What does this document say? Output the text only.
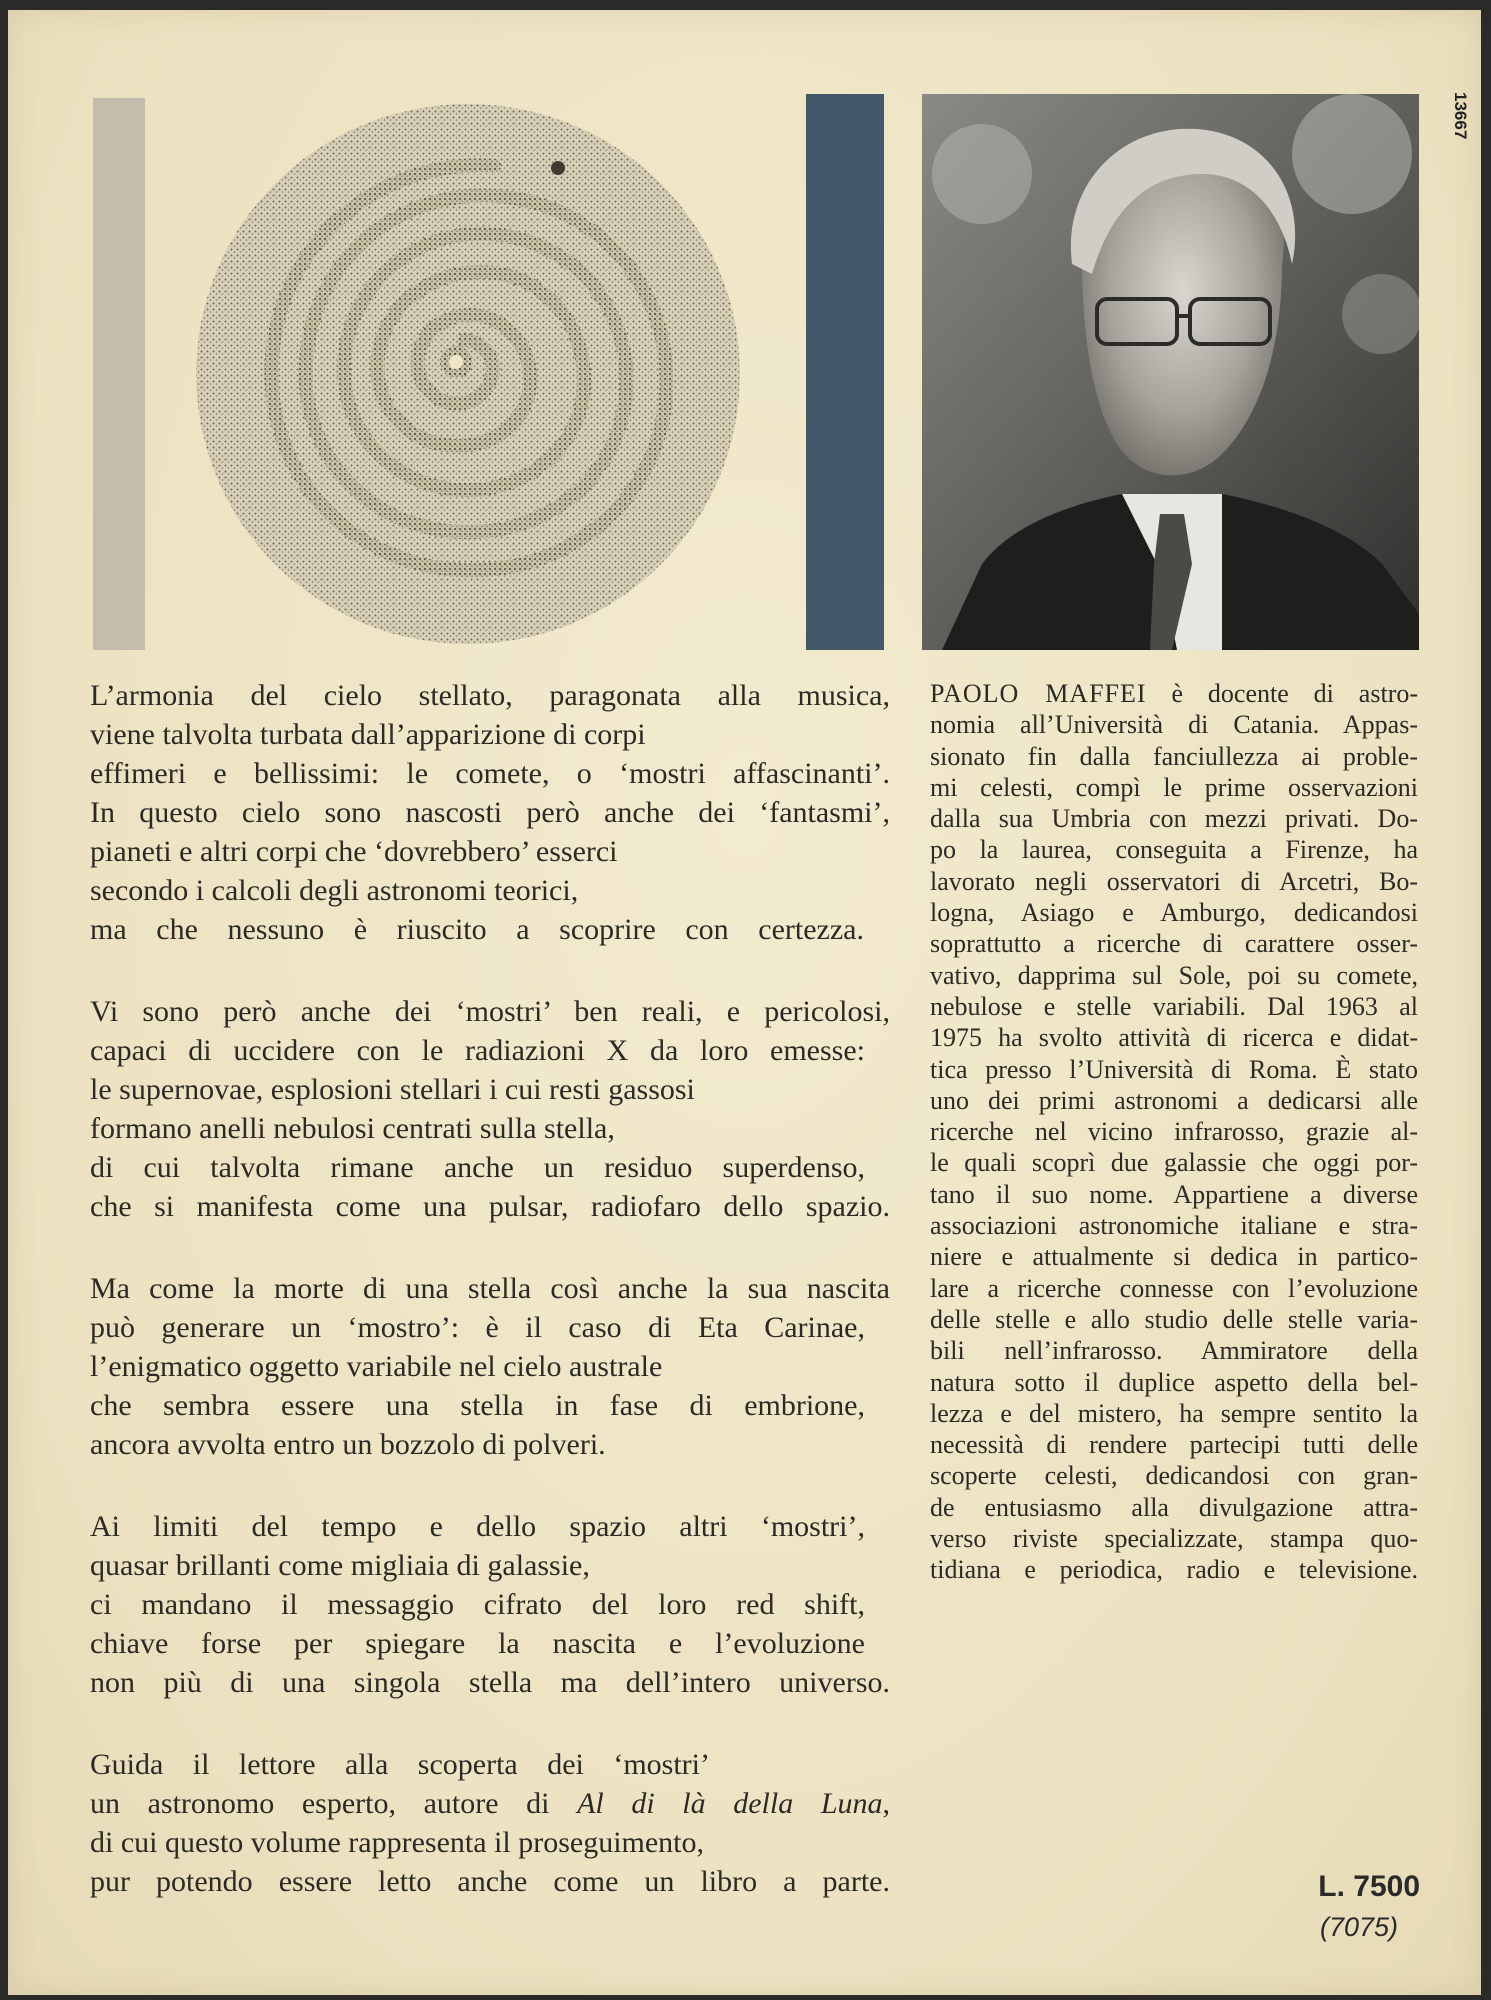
13667

L’armonia del cielo stellato, paragonata alla musica,
viene talvolta turbata dall’apparizione di corpi
effimeri e bellissimi: le comete, o ‘mostri affascinanti’.
In questo cielo sono nascosti però anche dei ‘fantasmi’,
pianeti e altri corpi che ‘dovrebbero’ esserci
secondo i calcoli degli astronomi teorici,
ma che nessuno è riuscito a scoprire con certezza.

Vi sono però anche dei ‘mostri’ ben reali, e pericolosi,
capaci di uccidere con le radiazioni X da loro emesse:
le supernovae, esplosioni stellari i cui resti gassosi
formano anelli nebulosi centrati sulla stella,
di cui talvolta rimane anche un residuo superdenso,
che si manifesta come una pulsar, radiofaro dello spazio.

Ma come la morte di una stella così anche la sua nascita
può generare un ‘mostro’: è il caso di Eta Carinae,
l’enigmatico oggetto variabile nel cielo australe
che sembra essere una stella in fase di embrione,
ancora avvolta entro un bozzolo di polveri.

Ai limiti del tempo e dello spazio altri ‘mostri’,
quasar brillanti come migliaia di galassie,
ci mandano il messaggio cifrato del loro red shift,
chiave forse per spiegare la nascita e l’evoluzione
non più di una singola stella ma dell’intero universo.

Guida il lettore alla scoperta dei ‘mostri’
un astronomo esperto, autore di Al di là della Luna,
di cui questo volume rappresenta il proseguimento,
pur potendo essere letto anche come un libro a parte.

PAOLO MAFFEI è docente di astro-
nomia all’Università di Catania. Appas-
sionato fin dalla fanciullezza ai proble-
mi celesti, compì le prime osservazioni
dalla sua Umbria con mezzi privati. Do-
po la laurea, conseguita a Firenze, ha
lavorato negli osservatori di Arcetri, Bo-
logna, Asiago e Amburgo, dedicandosi
soprattutto a ricerche di carattere osser-
vativo, dapprima sul Sole, poi su comete,
nebulose e stelle variabili. Dal 1963 al
1975 ha svolto attività di ricerca e didat-
tica presso l’Università di Roma. È stato
uno dei primi astronomi a dedicarsi alle
ricerche nel vicino infrarosso, grazie al-
le quali scoprì due galassie che oggi por-
tano il suo nome. Appartiene a diverse
associazioni astronomiche italiane e stra-
niere e attualmente si dedica in partico-
lare a ricerche connesse con l’evoluzione
delle stelle e allo studio delle stelle varia-
bili nell’infrarosso. Ammiratore della
natura sotto il duplice aspetto della bel-
lezza e del mistero, ha sempre sentito la
necessità di rendere partecipi tutti delle
scoperte celesti, dedicandosi con gran-
de entusiasmo alla divulgazione attra-
verso riviste specializzate, stampa quo-
tidiana e periodica, radio e televisione.
L. 7500
(7075)
